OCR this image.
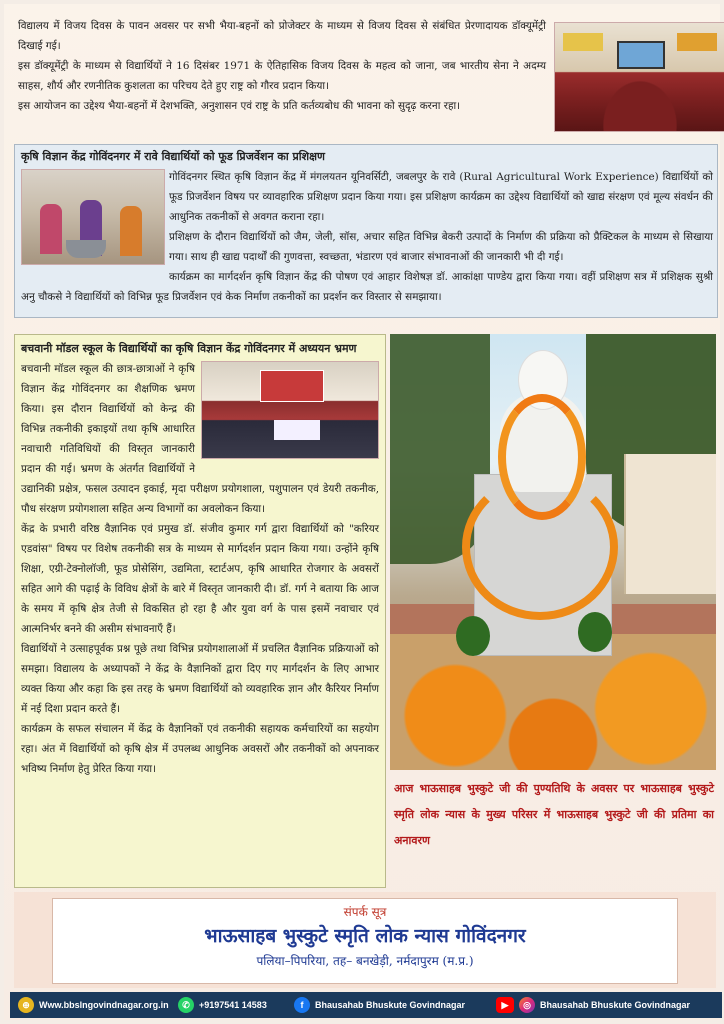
विद्यालय में विजय दिवस के पावन अवसर पर सभी भैया-बहनों को प्रोजेक्टर के माध्यम से विजय दिवस से संबंधित प्रेरणादायक डॉक्यूमेंट्री दिखाई गई।

इस डॉक्यूमेंट्री के माध्यम से विद्यार्थियों ने 16 दिसंबर 1971 के ऐतिहासिक विजय दिवस के महत्व को जाना, जब भारतीय सेना ने अदम्य साहस, शौर्य और रणनीतिक कुशलता का परिचय देते हुए राष्ट्र को गौरव प्रदान किया।

इस आयोजन का उद्देश्य भैया-बहनों में देशभक्ति, अनुशासन एवं राष्ट्र के प्रति कर्तव्यबोध की भावना को सुदृढ़ करना रहा।

कृषि विज्ञान केंद्र गोविंदनगर में रावे विद्यार्थियों को फूड प्रिजर्वेशन का प्रशिक्षण

गोविंदनगर स्थित कृषि विज्ञान केंद्र में मंगलयतन यूनिवर्सिटी, जबलपुर के रावे (Rural Agricultural Work Experience) विद्यार्थियों को फूड प्रिजर्वेशन विषय पर व्यावहारिक प्रशिक्षण प्रदान किया गया। इस प्रशिक्षण कार्यक्रम का उद्देश्य विद्यार्थियों को खाद्य संरक्षण एवं मूल्य संवर्धन की आधुनिक तकनीकों से अवगत कराना रहा।

प्रशिक्षण के दौरान विद्यार्थियों को जैम, जेली, सॉस, अचार सहित विभिन्न बेकरी उत्पादों के निर्माण की प्रक्रिया को प्रैक्टिकल के माध्यम से सिखाया गया। साथ ही खाद्य पदार्थों की गुणवत्ता, स्वच्छता, भंडारण एवं बाजार संभावनाओं की जानकारी भी दी गई।

कार्यक्रम का मार्गदर्शन कृषि विज्ञान केंद्र की पोषण एवं आहार विशेषज्ञ डॉ. आकांक्षा पाण्डेय द्वारा किया गया। वहीं प्रशिक्षण सत्र में प्रशिक्षक सुश्री अनु चौकसे ने विद्यार्थियों को विभिन्न फूड प्रिजर्वेशन एवं केक निर्माण तकनीकों का प्रदर्शन कर विस्तार से समझाया।

बचवानी मॉडल स्कूल के विद्यार्थियों का कृषि विज्ञान केंद्र गोविंदनगर में अध्ययन भ्रमण

बचवानी मॉडल स्कूल की छात्र-छात्राओं ने कृषि विज्ञान केंद्र गोविंदनगर का शैक्षणिक भ्रमण किया। इस दौरान विद्यार्थियों को केन्द्र की विभिन्न तकनीकी इकाइयों तथा कृषि आधारित नवाचारी गतिविधियों की विस्तृत जानकारी प्रदान की गई। भ्रमण के अंतर्गत विद्यार्थियों ने उद्यानिकी प्रक्षेत्र, फसल उत्पादन इकाई, मृदा परीक्षण प्रयोगशाला, पशुपालन एवं डेयरी तकनीक, पौध संरक्षण प्रयोगशाला सहित अन्य विभागों का अवलोकन किया।

केंद्र के प्रभारी वरिष्ठ वैज्ञानिक एवं प्रमुख डॉ. संजीव कुमार गर्ग द्वारा विद्यार्थियों को "करियर एडवांस" विषय पर विशेष तकनीकी सत्र के माध्यम से मार्गदर्शन प्रदान किया गया। उन्होंने कृषि शिक्षा, एग्री-टेक्नोलॉजी, फूड प्रोसेसिंग, उद्यमिता, स्टार्टअप, कृषि आधारित रोजगार के अवसरों सहित आगे की पढ़ाई के विविध क्षेत्रों के बारे में विस्तृत जानकारी दी। डॉ. गर्ग ने बताया कि आज के समय में कृषि क्षेत्र तेजी से विकसित हो रहा है और युवा वर्ग के पास इसमें नवाचार एवं आत्मनिर्भर बनने की असीम संभावनाएँ हैं।

विद्यार्थियों ने उत्साहपूर्वक प्रश्न पूछे तथा विभिन्न प्रयोगशालाओं में प्रचलित वैज्ञानिक प्रक्रियाओं को समझा। विद्यालय के अध्यापकों ने केंद्र के वैज्ञानिकों द्वारा दिए गए मार्गदर्शन के लिए आभार व्यक्त किया और कहा कि इस तरह के भ्रमण विद्यार्थियों को व्यवहारिक ज्ञान और कैरियर निर्माण में नई दिशा प्रदान करते हैं।

कार्यक्रम के सफल संचालन में केंद्र के वैज्ञानिकों एवं तकनीकी सहायक कर्मचारियों का सहयोग रहा। अंत में विद्यार्थियों को कृषि क्षेत्र में उपलब्ध आधुनिक अवसरों और तकनीकों को अपनाकर भविष्य निर्माण हेतु प्रेरित किया गया।

आज भाऊसाहब भुस्कुटे जी की पुण्यतिथि के अवसर पर भाऊसाहब भुस्कुटे स्मृति लोक न्यास के मुख्य परिसर में भाऊसाहब भुस्कुटे जी की प्रतिमा का अनावरण
संपर्क सूत्र
भाऊसाहब भुस्कुटे स्मृति लोक न्यास गोविंदनगर
पलिया–पिपरिया, तह– बनखेड़ी, नर्मदापुरम (म.प्र.)
⊕	Www.bbslngovindnagar.org.in	✆	+9197541 14583	f	Bhausahab Bhuskute Govindnagar	▶	◎	Bhausahab Bhuskute Govindnagar
